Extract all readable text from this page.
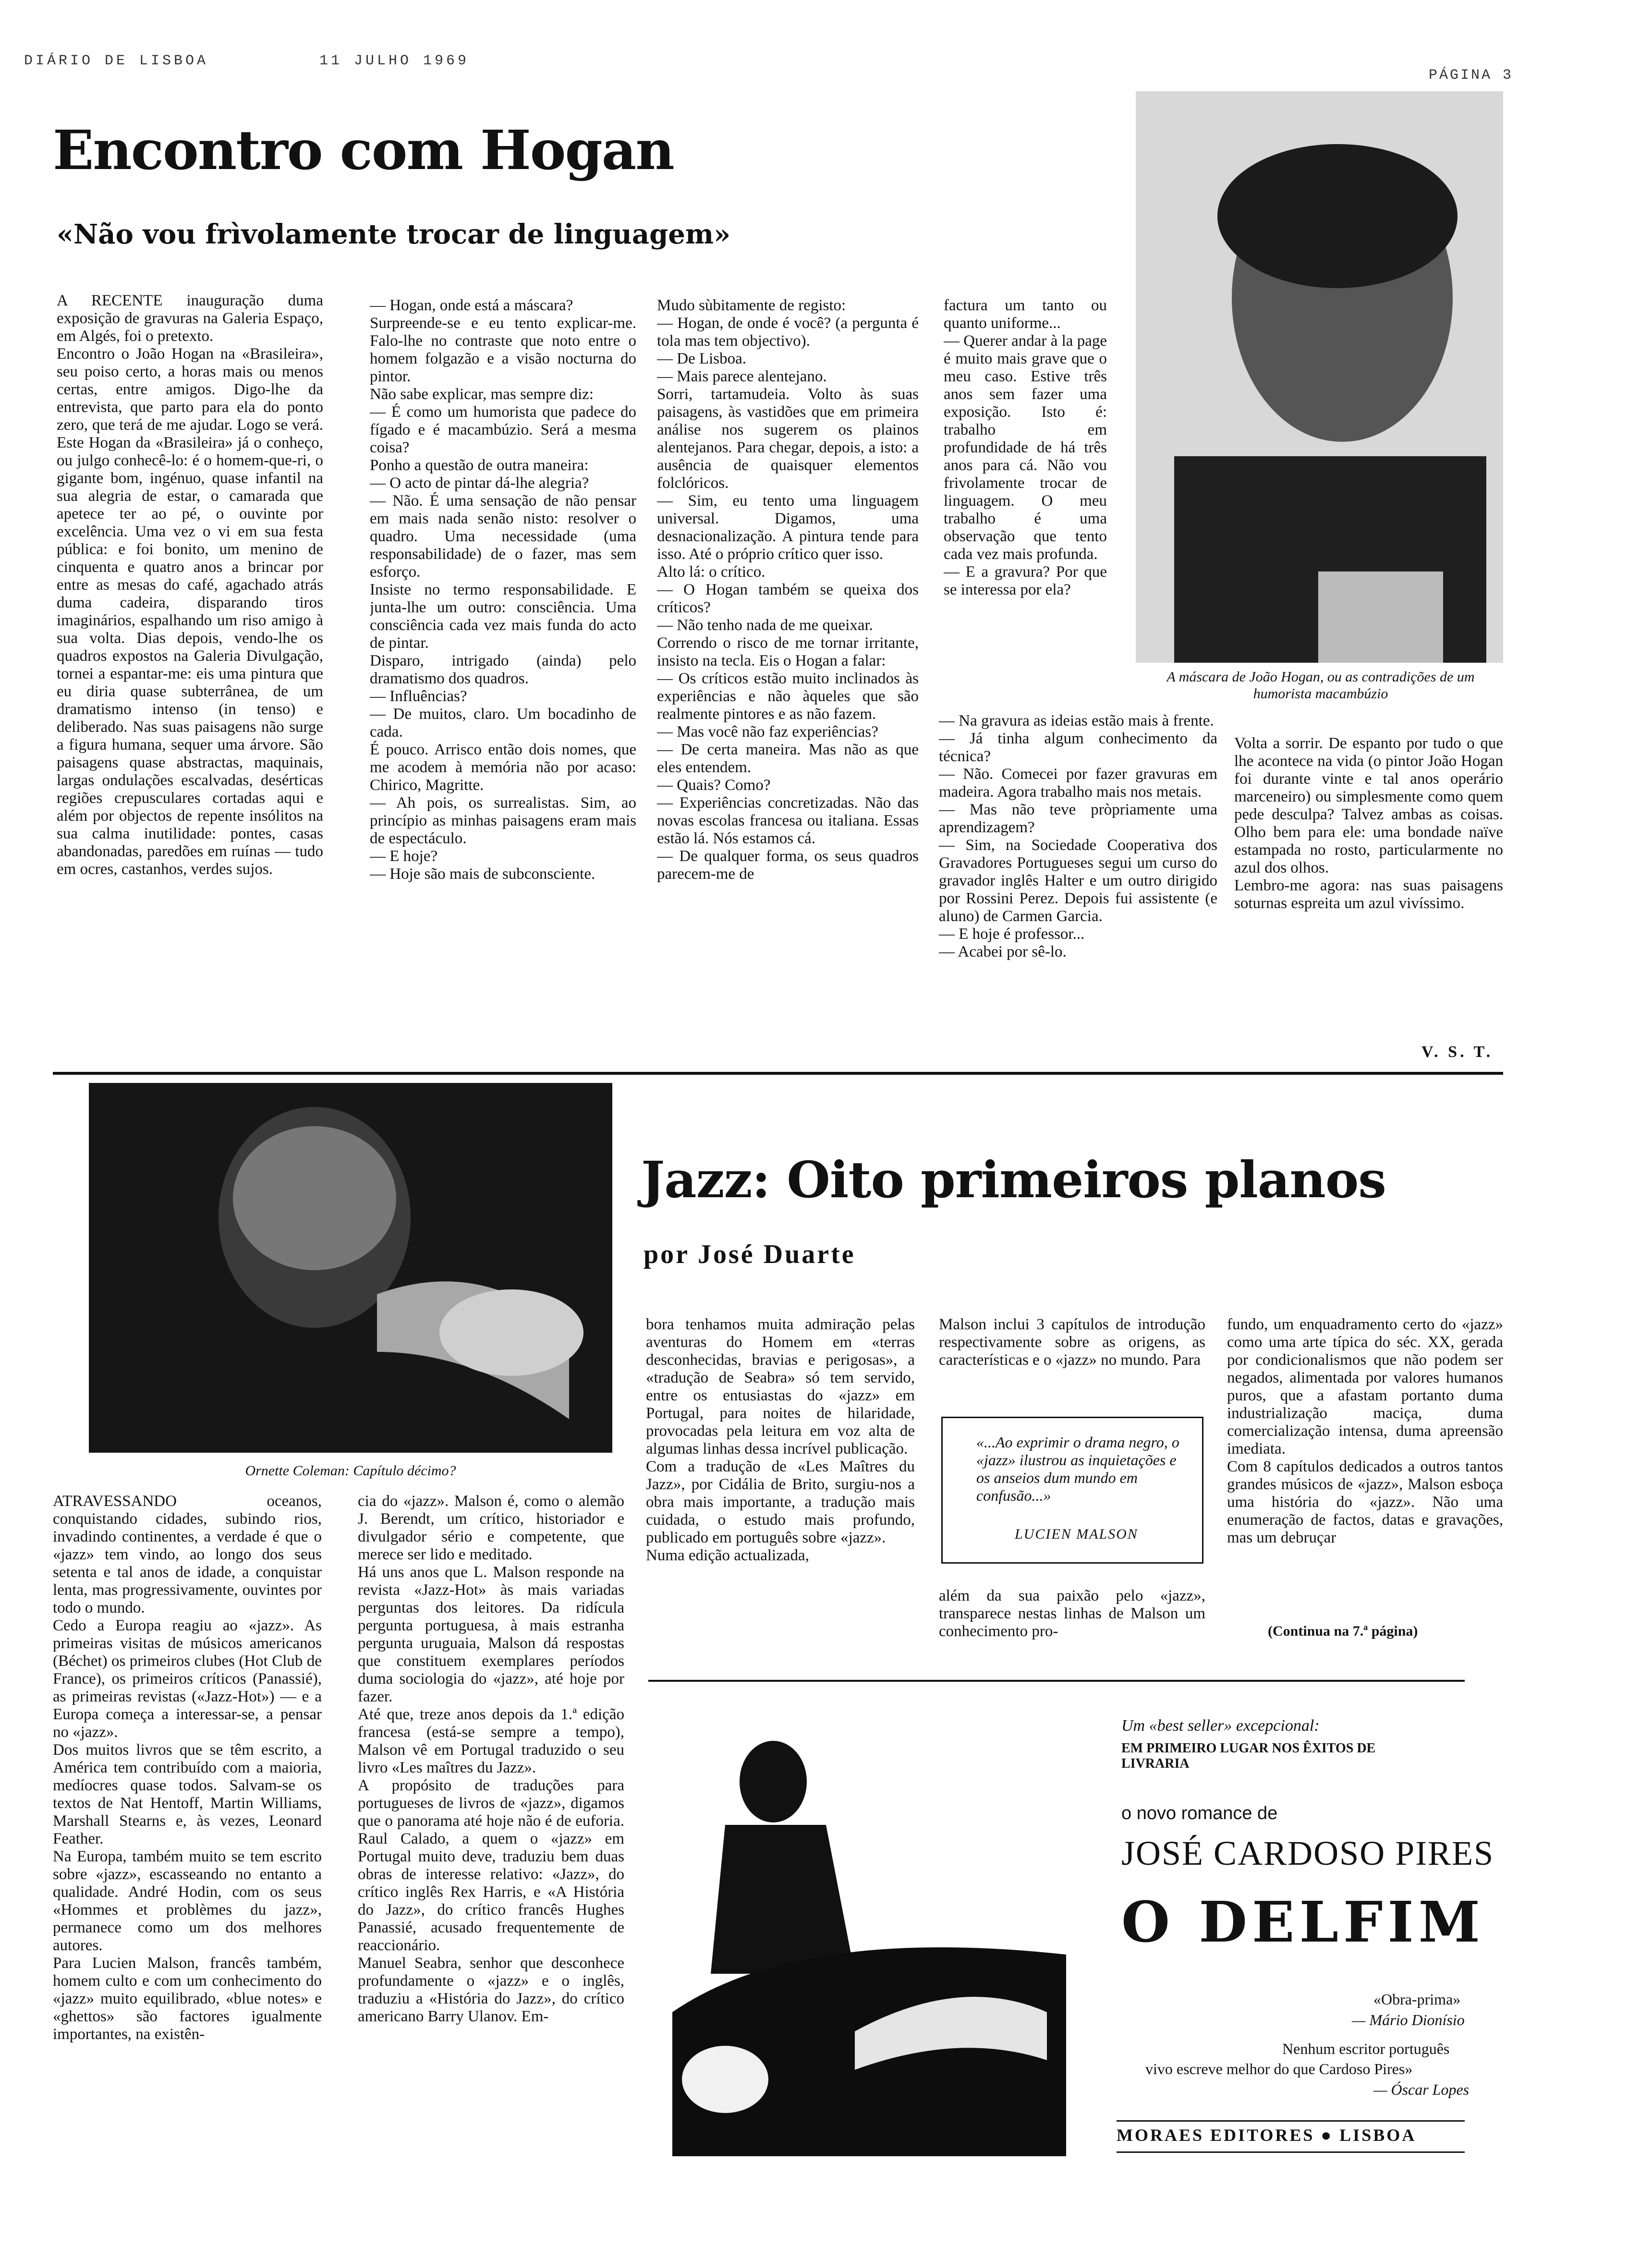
DIÁRIO DE LISBOA	11 JULHO 1969
PÁGINA 3
Encontro com Hogan
«Não vou frìvolamente trocar de linguagem»

A RECENTE inauguração duma exposição de gravuras na Galeria Espaço, em Algés, foi o pretexto.
Encontro o João Hogan na «Brasileira», seu poiso certo, a horas mais ou menos certas, entre amigos. Digo-lhe da entrevista, que parto para ela do ponto zero, que terá de me ajudar. Logo se verá. Este Hogan da «Brasileira» já o conheço, ou julgo conhecê-lo: é o homem-que-ri, o gigante bom, ingénuo, quase infantil na sua alegria de estar, o camarada que apetece ter ao pé, o ouvinte por excelência. Uma vez o vi em sua festa pública: e foi bonito, um menino de cinquenta e quatro anos a brincar por entre as mesas do café, agachado atrás duma cadeira, disparando tiros imaginários, espalhando um riso amigo à sua volta. Dias depois, vendo-lhe os quadros expostos na Galeria Divulgação, tornei a espantar-me: eis uma pintura que eu diria quase subterrânea, de um dramatismo intenso (in tenso) e deliberado. Nas suas paisagens não surge a figura humana, sequer uma árvore. São paisagens quase abstractas, maquinais, largas ondulações escalvadas, desérticas regiões crepusculares cortadas aqui e além por objectos de repente insólitos na sua calma inutilidade: pontes, casas abandonadas, paredões em ruínas — tudo em ocres, castanhos, verdes sujos.

— Hogan, onde está a máscara?
Surpreende-se e eu tento explicar-me. Falo-lhe no contraste que noto entre o homem folgazão e a visão nocturna do pintor.
Não sabe explicar, mas sempre diz:
— É como um humorista que padece do fígado e é macambúzio. Será a mesma coisa?
Ponho a questão de outra maneira:
— O acto de pintar dá-lhe alegria?
— Não. É uma sensação de não pensar em mais nada senão nisto: resolver o quadro. Uma necessidade (uma responsabilidade) de o fazer, mas sem esforço.
Insiste no termo responsabilidade. E junta-lhe um outro: consciência. Uma consciência cada vez mais funda do acto de pintar.
Disparo, intrigado (ainda) pelo dramatismo dos quadros.
— Influências?
— De muitos, claro. Um bocadinho de cada.
É pouco. Arrisco então dois nomes, que me acodem à memória não por acaso: Chirico, Magritte.
— Ah pois, os surrealistas. Sim, ao princípio as minhas paisagens eram mais de espectáculo.
— E hoje?
— Hoje são mais de subconsciente.

Mudo sùbitamente de registo:
— Hogan, de onde é você? (a pergunta é tola mas tem objectivo).
— De Lisboa.
— Mais parece alentejano.
Sorri, tartamudeia. Volto às suas paisagens, às vastidões que em primeira análise nos sugerem os plainos alentejanos. Para chegar, depois, a isto: a ausência de quaisquer elementos folclóricos.
— Sim, eu tento uma linguagem universal. Digamos, uma desnacionalização. A pintura tende para isso. Até o próprio crítico quer isso.
Alto lá: o crítico.
— O Hogan também se queixa dos críticos?
— Não tenho nada de me queixar.
Correndo o risco de me tornar irritante, insisto na tecla. Eis o Hogan a falar:
— Os críticos estão muito inclinados às experiências e não àqueles que são realmente pintores e as não fazem.
— Mas você não faz experiências?
— De certa maneira. Mas não as que eles entendem.
— Quais? Como?
— Experiências concretizadas. Não das novas escolas francesa ou italiana. Essas estão lá. Nós estamos cá.
— De qualquer forma, os seus quadros parecem-me de

factura um tanto ou quanto uniforme...
— Querer andar à la page é muito mais grave que o meu caso. Estive três anos sem fazer uma exposição. Isto é: trabalho em profundidade de há três anos para cá. Não vou frivolamente trocar de linguagem. O meu trabalho é uma observação que tento cada vez mais profunda.
— E a gravura? Por que se interessa por ela?

— Na gravura as ideias estão mais à frente.
— Já tinha algum conhecimento da técnica?
— Não. Comecei por fazer gravuras em madeira. Agora trabalho mais nos metais.
— Mas não teve pròpriamente uma aprendizagem?
— Sim, na Sociedade Cooperativa dos Gravadores Portugueses segui um curso do gravador inglês Halter e um outro dirigido por Rossini Perez. Depois fui assistente (e aluno) de Carmen Garcia.
— E hoje é professor...
— Acabei por sê-lo.

A máscara de João Hogan, ou as contradições de um humorista macambúzio

Volta a sorrir. De espanto por tudo o que lhe acontece na vida (o pintor João Hogan foi durante vinte e tal anos operário marceneiro) ou simplesmente como quem pede desculpa? Talvez ambas as coisas. Olho bem para ele: uma bondade naïve estampada no rosto, particularmente no azul dos olhos.
Lembro-me agora: nas suas paisagens soturnas espreita um azul vivíssimo.

V. S. T.
Ornette Coleman: Capítulo décimo?
Jazz: Oito primeiros planos
por José Duarte

ATRAVESSANDO oceanos, conquistando cidades, subindo rios, invadindo continentes, a verdade é que o «jazz» tem vindo, ao longo dos seus setenta e tal anos de idade, a conquistar lenta, mas progressivamente, ouvintes por todo o mundo.
Cedo a Europa reagiu ao «jazz». As primeiras visitas de músicos americanos (Béchet) os primeiros clubes (Hot Club de France), os primeiros críticos (Panassié), as primeiras revistas («Jazz-Hot») — e a Europa começa a interessar-se, a pensar no «jazz».
Dos muitos livros que se têm escrito, a América tem contribuído com a maioria, medíocres quase todos. Salvam-se os textos de Nat Hentoff, Martin Williams, Marshall Stearns e, às vezes, Leonard Feather.
Na Europa, também muito se tem escrito sobre «jazz», escasseando no entanto a qualidade. André Hodin, com os seus «Hommes et problèmes du jazz», permanece como um dos melhores autores.
Para Lucien Malson, francês também, homem culto e com um conhecimento do «jazz» muito equilibrado, «blue notes» e «ghettos» são factores igualmente importantes, na existên-

cia do «jazz». Malson é, como o alemão J. Berendt, um crítico, historiador e divulgador sério e competente, que merece ser lido e meditado.
Há uns anos que L. Malson responde na revista «Jazz-Hot» às mais variadas perguntas dos leitores. Da ridícula pergunta portuguesa, à mais estranha pergunta uruguaia, Malson dá respostas que constituem exemplares períodos duma sociologia do «jazz», até hoje por fazer.
Até que, treze anos depois da 1.ª edição francesa (está-se sempre a tempo), Malson vê em Portugal traduzido o seu livro «Les maîtres du Jazz».
A propósito de traduções para portugueses de livros de «jazz», digamos que o panorama até hoje não é de euforia. Raul Calado, a quem o «jazz» em Portugal muito deve, traduziu bem duas obras de interesse relativo: «Jazz», do crítico inglês Rex Harris, e «A História do Jazz», do crítico francês Hughes Panassié, acusado frequentemente de reaccionário.
Manuel Seabra, senhor que desconhece profundamente o «jazz» e o inglês, traduziu a «História do Jazz», do crítico americano Barry Ulanov. Em-

bora tenhamos muita admiração pelas aventuras do Homem em «terras desconhecidas, bravias e perigosas», a «tradução de Seabra» só tem servido, entre os entusiastas do «jazz» em Portugal, para noites de hilaridade, provocadas pela leitura em voz alta de algumas linhas dessa incrível publicação.
Com a tradução de «Les Maîtres du Jazz», por Cidália de Brito, surgiu-nos a obra mais importante, a tradução mais cuidada, o estudo mais profundo, publicado em português sobre «jazz».
Numa edição actualizada,

Malson inclui 3 capítulos de introdução respectivamente sobre as origens, as características e o «jazz» no mundo. Para

«...Ao exprimir o drama negro, o «jazz» ilustrou as inquietações e os anseios dum mundo em confusão...»
LUCIEN MALSON

além da sua paixão pelo «jazz», transparece nestas linhas de Malson um conhecimento pro-

fundo, um enquadramento certo do «jazz» como uma arte típica do séc. XX, gerada por condicionalismos que não podem ser negados, alimentada por valores humanos puros, que a afastam portanto duma industrialização maciça, duma comercialização intensa, duma apreensão imediata.
Com 8 capítulos dedicados a outros tantos grandes músicos de «jazz», Malson esboça uma história do «jazz». Não uma enumeração de factos, datas e gravações, mas um debruçar

(Continua na 7.ª página)
Um «best seller» excepcional:
EM PRIMEIRO LUGAR NOS ÊXITOS DE LIVRARIA
o novo romance de
JOSÉ CARDOSO PIRES
O DELFIM
«Obra-prima»
— Mário Dionísio
Nenhum escritor português
vivo escreve melhor do que Cardoso Pires»
— Óscar Lopes
MORAES EDITORES ● LISBOA
